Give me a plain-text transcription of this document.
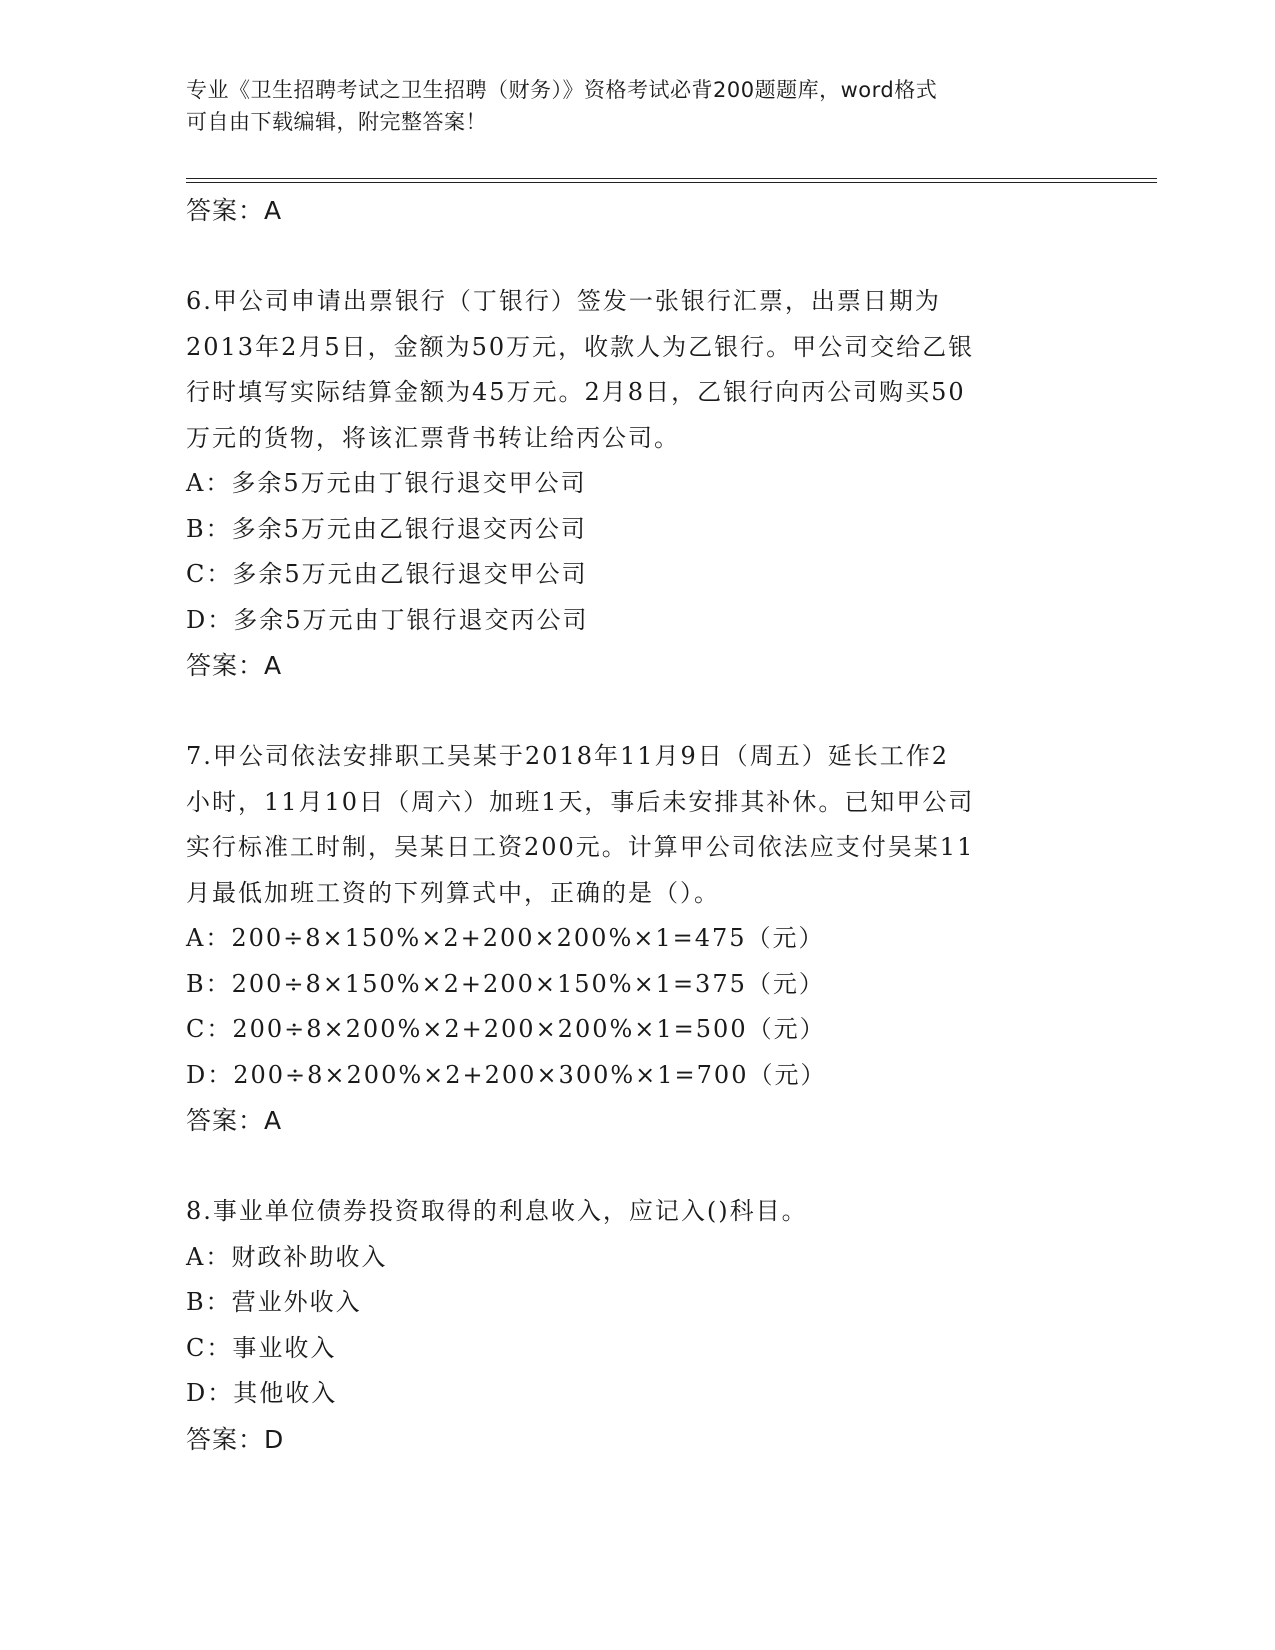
专业《卫生招聘考试之卫生招聘（财务）》资格考试必背200题题库，word格式

可自由下载编辑，附完整答案！

答案：A
6.甲公司申请出票银行（丁银行）签发一张银行汇票，出票日期为
2013年2月5日，金额为50万元，收款人为乙银行。甲公司交给乙银
行时填写实际结算金额为45万元。2月8日，乙银行向丙公司购买50
万元的货物，将该汇票背书转让给丙公司。
A：多余5万元由丁银行退交甲公司
B：多余5万元由乙银行退交丙公司
C：多余5万元由乙银行退交甲公司
D：多余5万元由丁银行退交丙公司
答案：A
7.甲公司依法安排职工吴某于2018年11月9日（周五）延长工作2
小时，11月10日（周六）加班1天，事后未安排其补休。已知甲公司
实行标准工时制，吴某日工资200元。计算甲公司依法应支付吴某11
月最低加班工资的下列算式中，正确的是（）。
A：200÷8×150%×2+200×200%×1=475（元）
B：200÷8×150%×2+200×150%×1=375（元）
C：200÷8×200%×2+200×200%×1=500（元）
D：200÷8×200%×2+200×300%×1=700（元）
答案：A
8.事业单位债券投资取得的利息收入，应记入()科目。
A：财政补助收入
B：营业外收入
C：事业收入
D：其他收入
答案：D
